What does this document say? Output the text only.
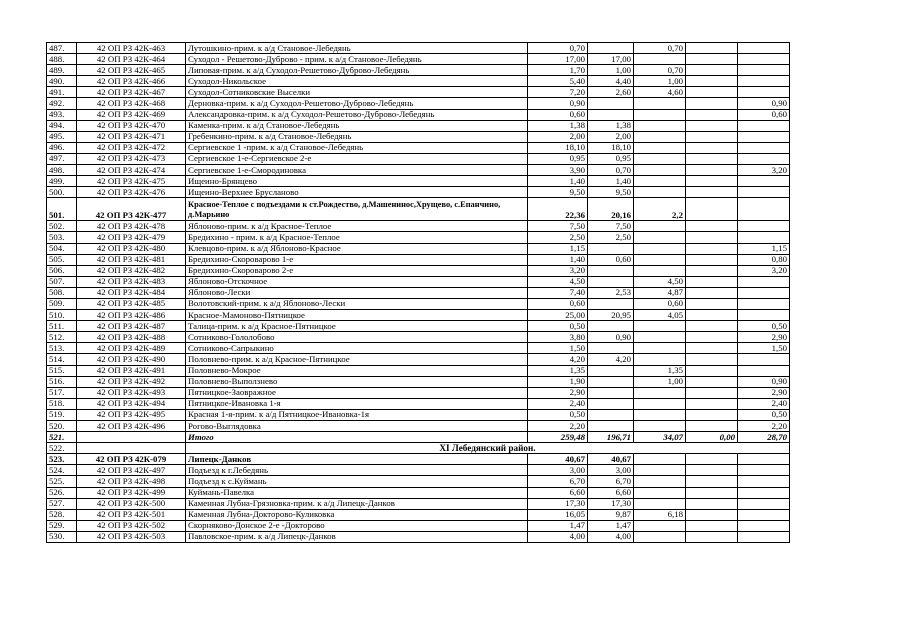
487.	42 ОП РЗ 42К-463	Лутошкино-прим. к а/д Становое-Лебедянь	0,70		0,70		
488.	42 ОП РЗ 42К-464	Суходол - Решетово-Дуброво - прим. к а/д Становое-Лебедянь	17,00	17,00			
489.	42 ОП РЗ 42К-465	Липовая-прим. к а/д Суходол-Решетово-Дуброво-Лебедянь	1,70	1,00	0,70		
490.	42 ОП РЗ 42К-466	Суходол-Никольское	5,40	4,40	1,00		
491.	42 ОП РЗ 42К-467	Суходол-Сотниковские Выселки	7,20	2,60	4,60		
492.	42 ОП РЗ 42К-468	Дерновка-прим. к а/д Суходол-Решетово-Дуброво-Лебедянь	0,90				0,90
493.	42 ОП РЗ 42К-469	Александровка-прим. к а/д Суходол-Решетово-Дуброво-Лебедянь	0,60				0,60
494.	42 ОП РЗ 42К-470	Каменка-прим. к а/д Становое-Лебедянь	1,38	1,38			
495.	42 ОП РЗ 42К-471	Гребенкино-прим. к а/д Становое-Лебедянь	2,00	2,00			
496.	42 ОП РЗ 42К-472	Сергиевское 1 -прим. к а/д Становое-Лебедянь	18,10	18,10			
497.	42 ОП РЗ 42К-473	Сергиевское 1-е-Сергиевское 2-е	0,95	0,95			
498.	42 ОП РЗ 42К-474	Сергиевское 1-е-Смородиновка	3,90	0,70			3,20
499.	42 ОП РЗ 42К-475	Ищеино-Брянцево	1,40	1,40			
500.	42 ОП РЗ 42К-476	Ищеино-Верхнее Брусланово	9,50	9,50			
501.	42 ОП РЗ 42К-477	Красное-Теплое с подъездами к ст.Рождество, д.Машенинос,Хрущево, с.Епанчино, д.Марьино	22,36	20,16	2,2		
502.	42 ОП РЗ 42К-478	Яблоново-прим. к а/д Красное-Теплое	7,50	7,50			
503.	42 ОП РЗ 42К-479	Бредихино - прим. к а/д Красное-Теплое	2,50	2,50			
504.	42 ОП РЗ 42К-480	Клевцово-прим. к а/д Яблоново-Красное	1,15				1,15
505.	42 ОП РЗ 42К-481	Бредихино-Скороварово 1-е	1,40	0,60			0,80
506.	42 ОП РЗ 42К-482	Бредихино-Скороварово 2-е	3,20				3,20
507.	42 ОП РЗ 42К-483	Яблоново-Отскочное	4,50		4,50		
508.	42 ОП РЗ 42К-484	Яблоново-Лески	7,40	2,53	4,87		
509.	42 ОП РЗ 42К-485	Волотовский-прим. к а/д Яблоново-Лески	0,60		0,60		
510.	42 ОП РЗ 42К-486	Красное-Мамоново-Пятницкое	25,00	20,95	4,05		
511.	42 ОП РЗ 42К-487	Талица-прим. к а/д Красное-Пятницкое	0,50				0,50
512.	42 ОП РЗ 42К-488	Сотниково-Гололобово	3,80	0,90			2,90
513.	42 ОП РЗ 42К-489	Сотниково-Сапрыкино	1,50				1,50
514.	42 ОП РЗ 42К-490	Половнево-прим. к а/д Красное-Пятницкое	4,20	4,20			
515.	42 ОП РЗ 42К-491	Половнево-Мокрое	1,35		1,35		
516.	42 ОП РЗ 42К-492	Половнево-Выползнево	1,90		1,00		0,90
517.	42 ОП РЗ 42К-493	Пятницкое-Заовражное	2,90				2,90
518.	42 ОП РЗ 42К-494	Пятницкое-Ивановка 1-я	2,40				2,40
519.	42 ОП РЗ 42К-495	Красная 1-я-прим. к а/д Пятницкое-Ивановка-1я	0,50				0,50
520.	42 ОП РЗ 42К-496	Рогово-Выглядовка	2,20				2,20
521.		Итого	259,48	196,71	34,07	0,00	28,70
522.		XI Лебедянский район.					
523.	42 ОП РЗ 42К-079	Липецк-Данков	40,67	40,67			
524.	42 ОП РЗ 42К-497	Подъезд к г.Лебедянь	3,00	3,00			
525.	42 ОП РЗ 42К-498	Подъезд к с.Куймань	6,70	6,70			
526.	42 ОП РЗ 42К-499	Куймань-Павелка	6,60	6,60			
527.	42 ОП РЗ 42К-500	Каменная Лубна-Грязновка-прим. к а/д Липецк-Данков	17,30	17,30			
528.	42 ОП РЗ 42К-501	Каменная Лубна-Докторово-Куликовка	16,05	9,87	6,18		
529.	42 ОП РЗ 42К-502	Скорняково-Донское 2-е -Докторово	1,47	1,47			
530.	42 ОП РЗ 42К-503	Павловское-прим. к а/д Липецк-Данков	4,00	4,00			
